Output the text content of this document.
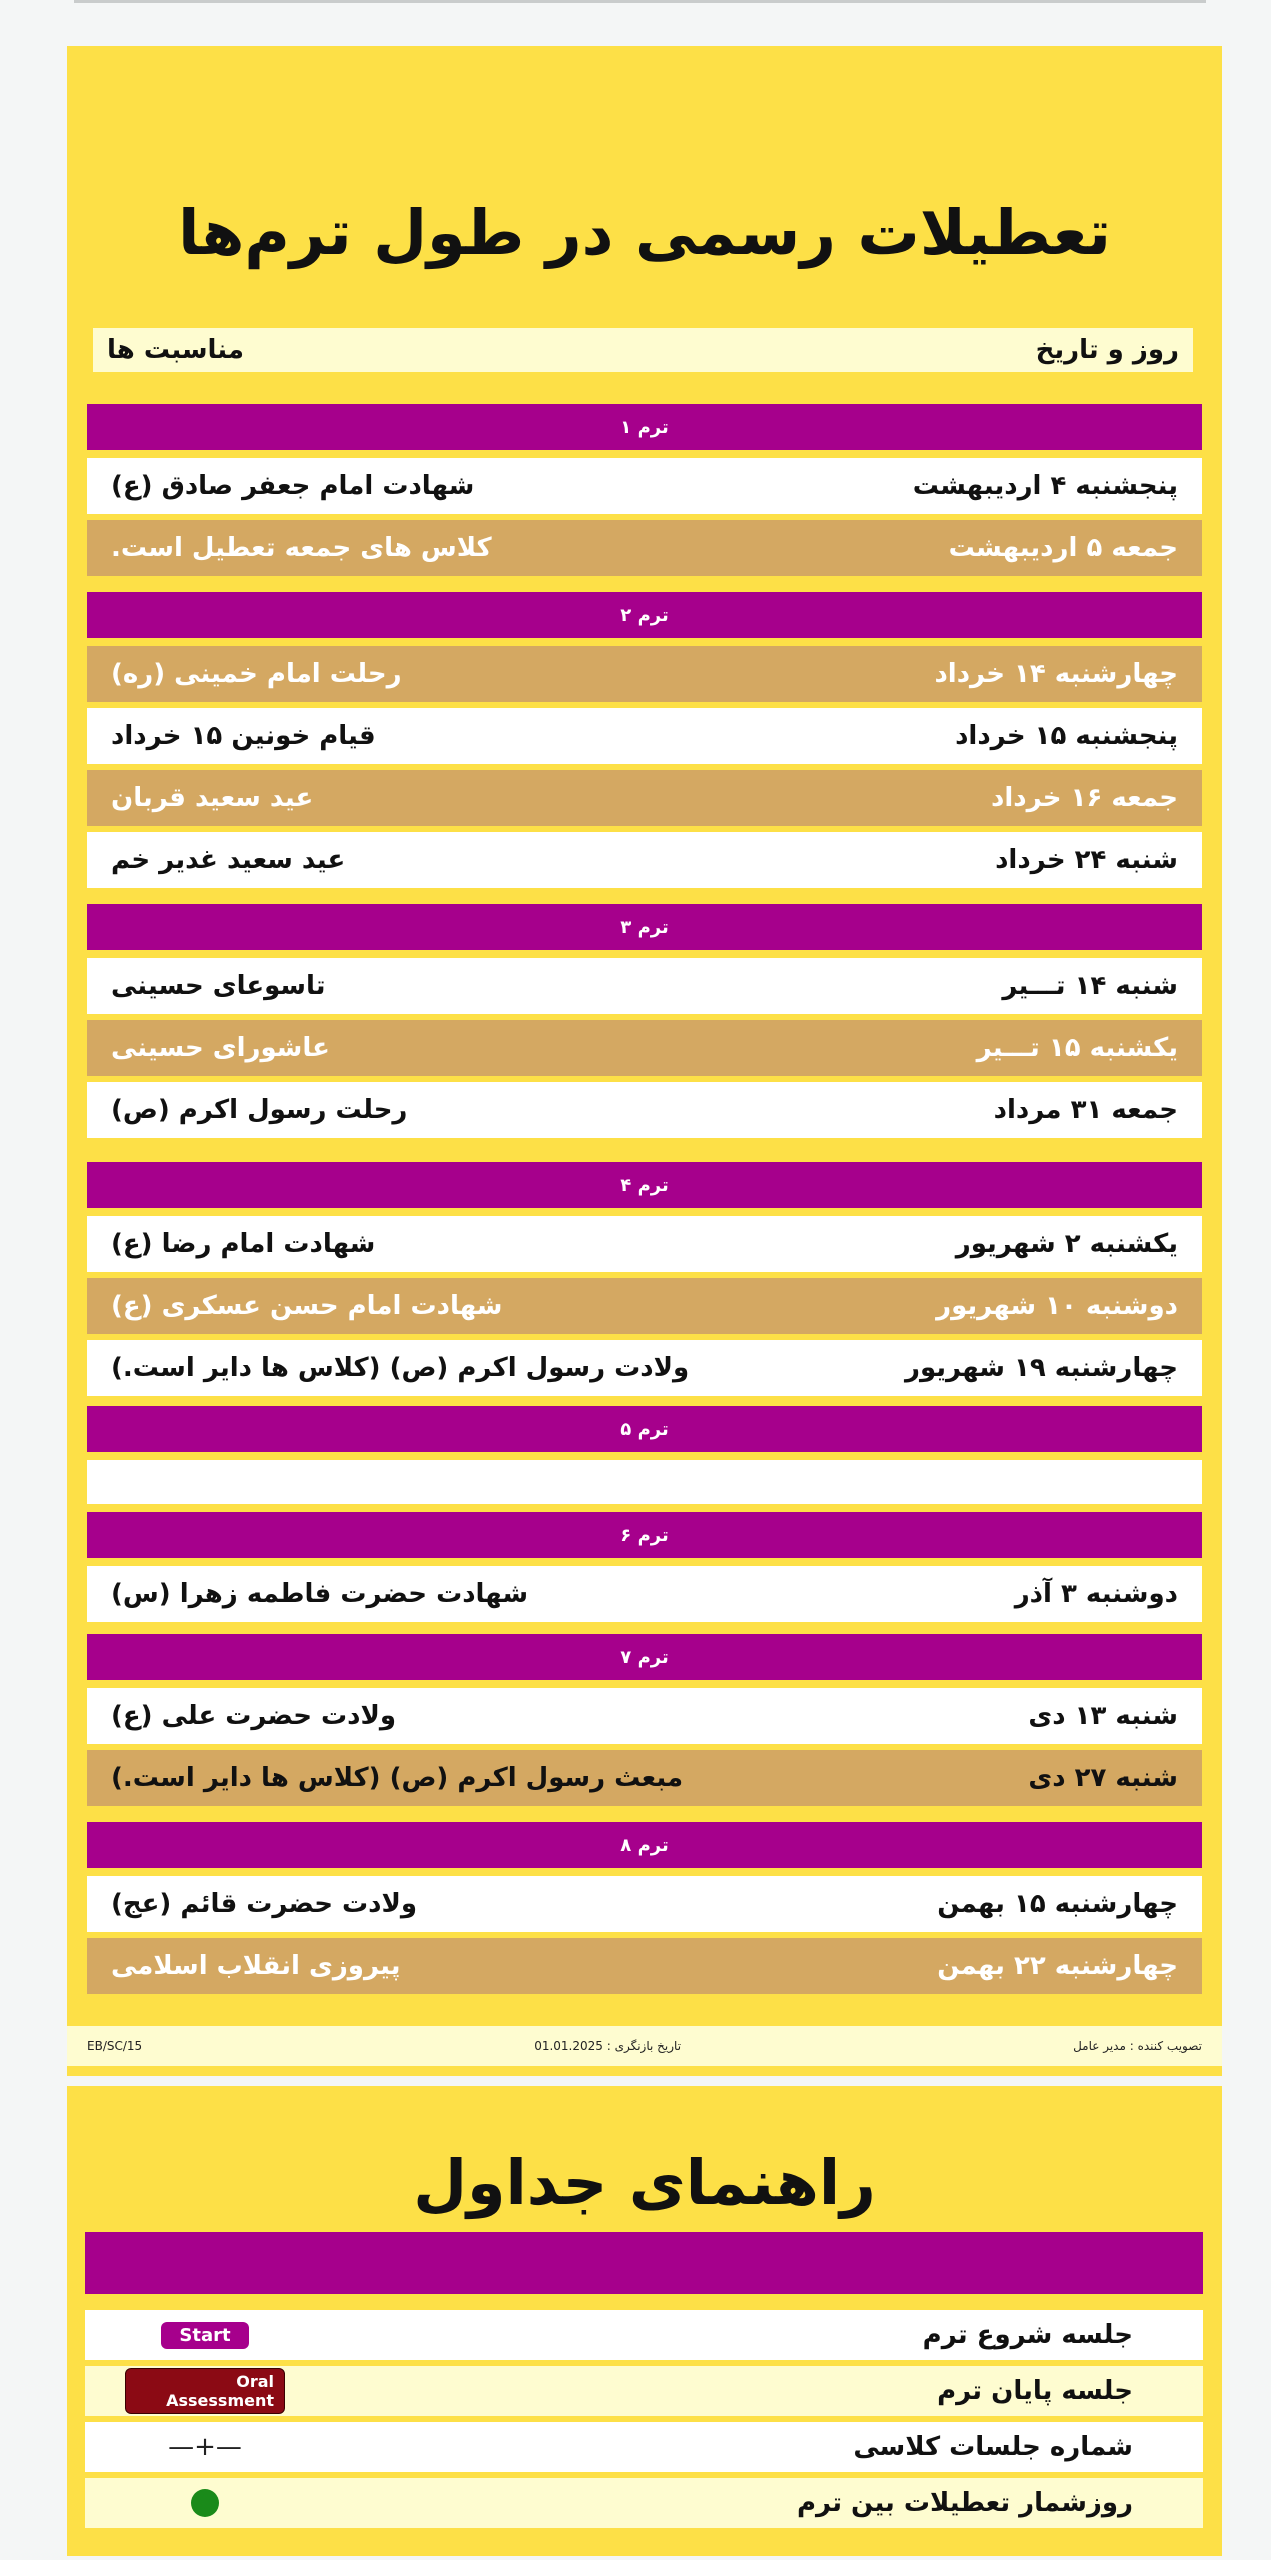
تعطیلات رسمی در طول ترم‌ها
روز و تاریخ
مناسبت ها
ترم ۱
پنجشنبه ۴ اردیبهشت
شهادت امام جعفر صادق (ع)
جمعه ۵ اردیبهشت
کلاس های جمعه تعطیل است.
ترم ۲
چهارشنبه ۱۴ خرداد
رحلت امام خمینی (ره)
پنجشنبه ۱۵ خرداد
قیام خونین ۱۵ خرداد
جمعه ۱۶ خرداد
عید سعید قربان
شنبه ۲۴ خرداد
عید سعید غدیر خم
ترم ۳
شنبه ۱۴ تـــیر
تاسوعای حسینی
یکشنبه ۱۵ تـــیر
عاشورای حسینی
جمعه ۳۱ مرداد
رحلت رسول اکرم (ص)
ترم ۴
یکشنبه ۲ شهریور
شهادت امام رضا (ع)
دوشنبه ۱۰ شهریور
شهادت امام حسن عسکری (ع)
چهارشنبه ۱۹ شهریور
ولادت رسول اکرم (ص) (کلاس ها دایر است.)
ترم ۵
ترم ۶
دوشنبه ۳ آذر
شهادت حضرت فاطمه زهرا (س)
ترم ۷
شنبه ۱۳ دی
ولادت حضرت علی (ع)
شنبه ۲۷ دی
مبعث رسول اکرم (ص) (کلاس ها دایر است.)
ترم ۸
چهارشنبه ۱۵ بهمن
ولادت حضرت قائم (عج)
چهارشنبه ۲۲ بهمن
پیروزی انقلاب اسلامی
EB/SC/15	تاریخ بازنگری : 01.01.2025	تصویب کننده : مدیر عامل
راهنمای جداول
جلسه شروع ترم
Start
جلسه پایان ترم
Oral Assessment
شماره جلسات کلاسی
—+—
روزشمار تعطیلات بین ترم
